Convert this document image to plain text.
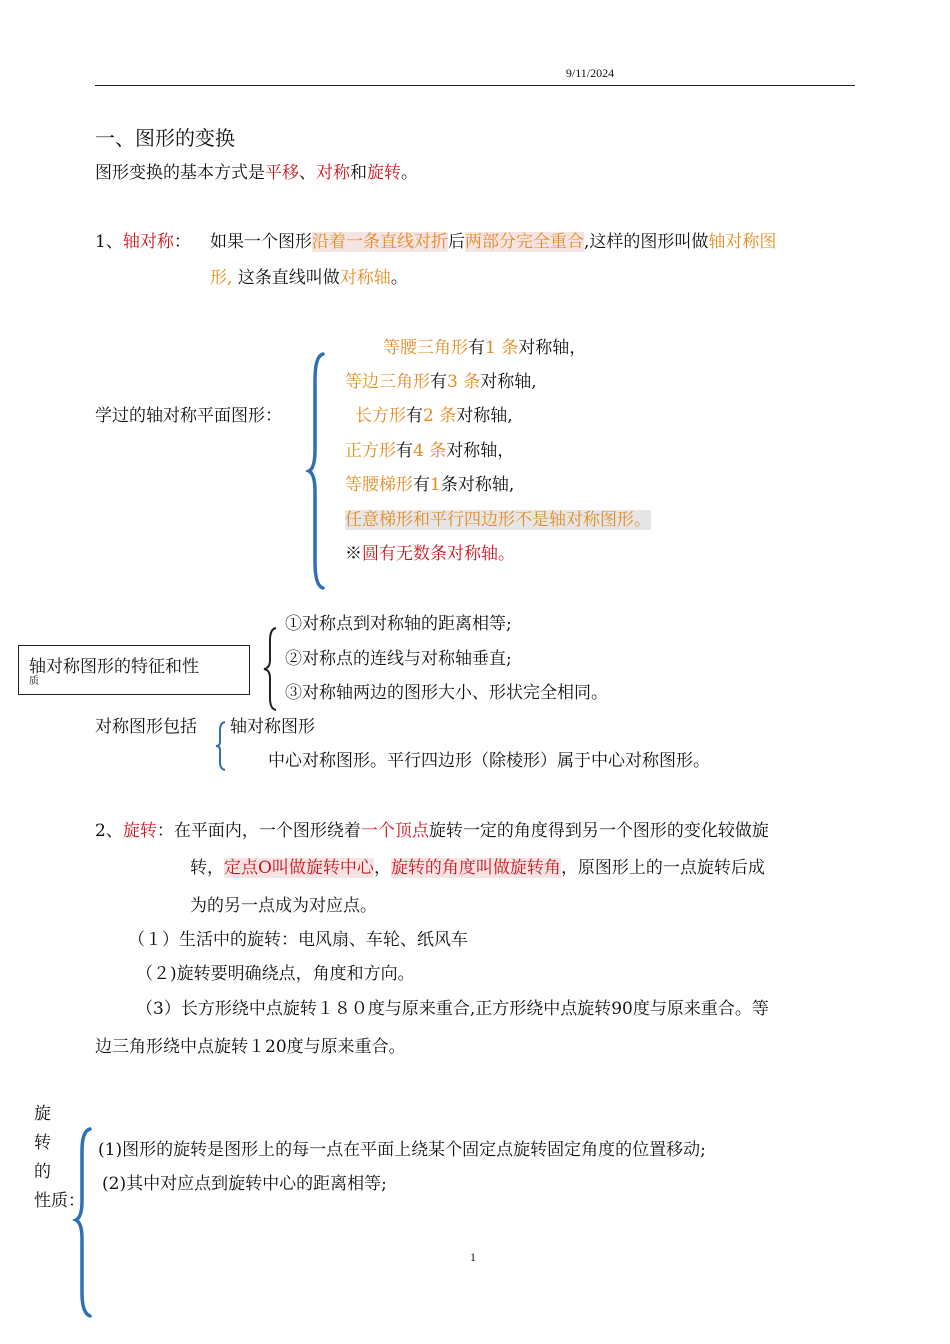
9/11/2024
一、图形的变换
图形变换的基本方式是平移、对称和旋转。
1、轴对称： 如果一个图形沿着一条直线对折后两部分完全重合,这样的图形叫做轴对称图
形, 这条直线叫做对称轴。
学过的轴对称平面图形：
等腰三角形有1 条对称轴，
等边三角形有3 条对称轴,
长方形有2 条对称轴,
正方形有4 条对称轴，
等腰梯形有1条对称轴,
任意梯形和平行四边形不是轴对称图形。
※圆有无数条对称轴。
轴对称图形的特征和性
质
①对称点到对称轴的距离相等;
②对称点的连线与对称轴垂直;
③对称轴两边的图形大小、形状完全相同。
对称图形包括 轴对称图形
中心对称图形。平行四边形（除棱形）属于中心对称图形。
2、旋转：在平面内，一个图形绕着一个顶点旋转一定的角度得到另一个图形的变化较做旋
转，定点O叫做旋转中心，旋转的角度叫做旋转角，原图形上的一点旋转后成
为的另一点成为对应点。
（１）生活中的旋转：电风扇、车轮、纸风车
（２)旋转要明确绕点，角度和方向。
（3）长方形绕中点旋转１８０度与原来重合,正方形绕中点旋转90度与原来重合。等
边三角形绕中点旋转１20度与原来重合。
旋
转
的
性质：
(1)图形的旋转是图形上的每一点在平面上绕某个固定点旋转固定角度的位置移动;
(2)其中对应点到旋转中心的距离相等;
1
